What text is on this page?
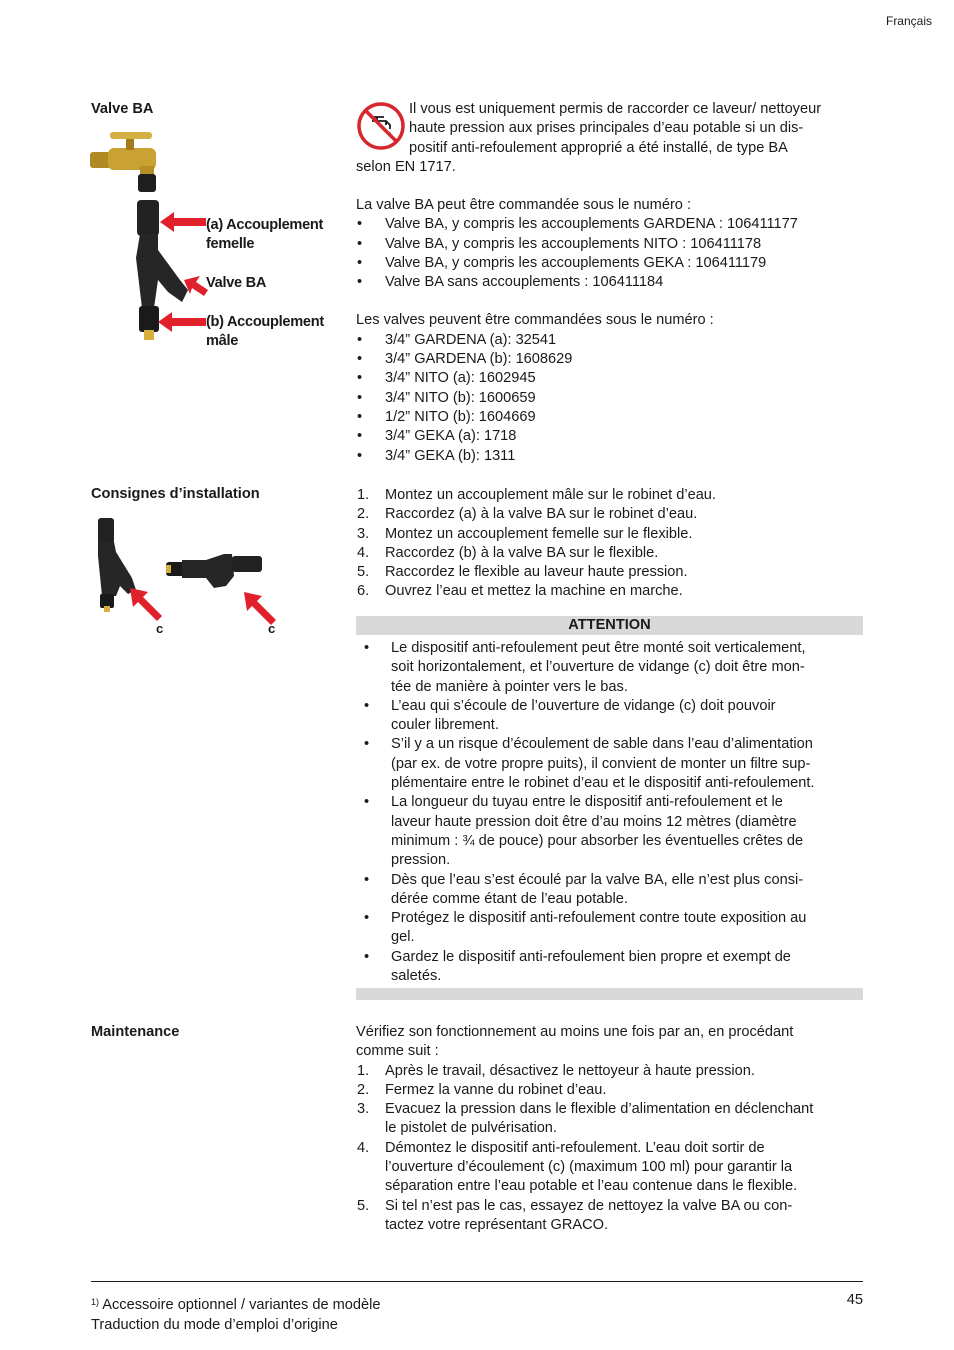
Français
Valve BA
(a) Accouplement
femelle
Valve BA
(b) Accouplement
mâle
Il vous est uniquement permis de raccorder ce laveur/ nettoyeur
haute pression aux prises principales d’eau potable si un dis-
positif anti-refoulement approprié a été installé, de type BA
selon EN 1717.

La valve BA peut être commandée sous le numéro :

• Valve BA, y compris les accouplements GARDENA : 106411177
• Valve BA, y compris les accouplements NITO : 106411178
• Valve BA, y compris les accouplements GEKA : 106411179
• Valve BA sans accouplements : 106411184

Les valves peuvent être commandées sous le numéro :

• 3/4” GARDENA (a): 32541
• 3/4” GARDENA (b): 1608629
• 3/4” NITO (a): 1602945
• 3/4” NITO (b): 1600659
• 1/2” NITO (b): 1604669
• 3/4” GEKA (a): 1718
• 3/4” GEKA (b): 1311
Consignes d’installation
c	c
1. Montez un accouplement mâle sur le robinet d’eau.
2. Raccordez (a) à la valve BA sur le robinet d’eau.
3. Montez un accouplement femelle sur le flexible.
4. Raccordez (b) à la valve BA sur le flexible.
5. Raccordez le flexible au laveur haute pression.
6. Ouvrez l’eau et mettez la machine en marche.
ATTENTION
• Le dispositif anti-refoulement peut être monté soit verticalement,
soit horizontalement, et l’ouverture de vidange (c) doit être mon-
tée de manière à pointer vers le bas.
• L’eau qui s’écoule de l’ouverture de vidange (c) doit pouvoir
couler librement.
• S’il y a un risque d’écoulement de sable dans l’eau d’alimentation
(par ex. de votre propre puits), il convient de monter un filtre sup-
plémentaire entre le robinet d’eau et le dispositif anti-refoulement.
• La longueur du tuyau entre le dispositif anti-refoulement et le
laveur haute pression doit être d’au moins 12 mètres (diamètre
minimum : ¾ de pouce) pour absorber les éventuelles crêtes de
pression.
• Dès que l’eau s’est écoulé par la valve BA, elle n’est plus consi-
dérée comme étant de l’eau potable.
• Protégez le dispositif anti-refoulement contre toute exposition au
gel.
• Gardez le dispositif anti-refoulement bien propre et exempt de
saletés.
Maintenance	Vérifiez son fonctionnement au moins une fois par an, en procédant

comme suit :

1. Après le travail, désactivez le nettoyeur à haute pression.
2. Fermez la vanne du robinet d’eau.
3. Evacuez la pression dans le flexible d’alimentation en déclenchant
le pistolet de pulvérisation.
4. Démontez le dispositif anti-refoulement. L’eau doit sortir de
l’ouverture d’écoulement (c) (maximum 100 ml) pour garantir la
séparation entre l’eau potable et l’eau contenue dans le flexible.
5. Si tel n’est pas le cas, essayez de nettoyez la valve BA ou con-
tactez votre représentant GRACO.
$^{1)}$ Accessoire optionnel / variantes de modèle
Traduction du mode d’emploi d’origine
45
